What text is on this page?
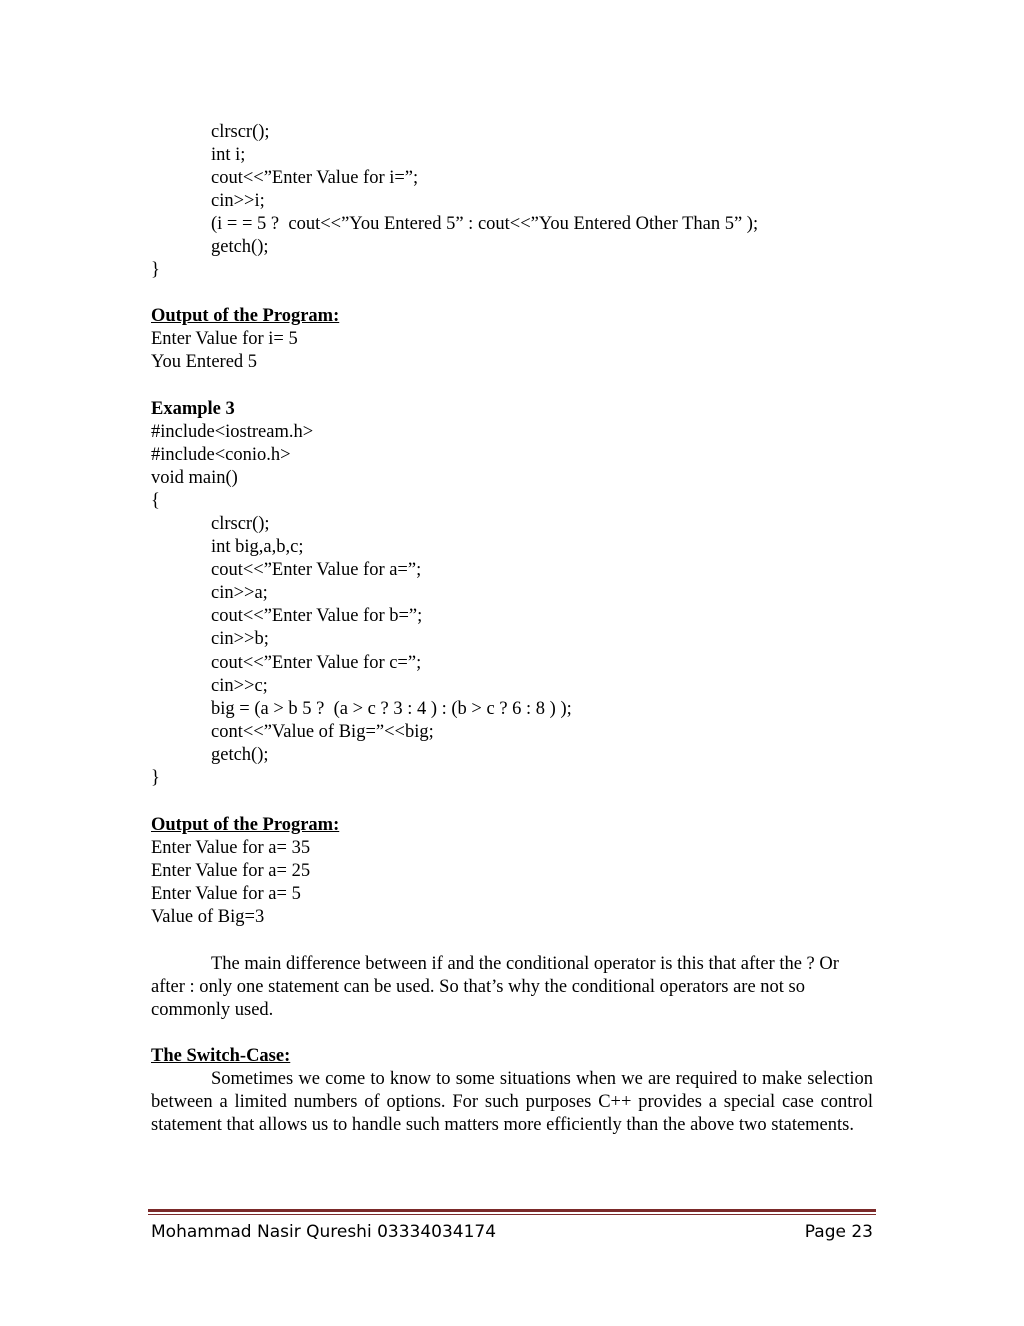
clrscr();
int i;
cout<<”Enter Value for i=”;
cin>>i;
(i = = 5 ?  cout<<”You Entered 5” : cout<<”You Entered Other Than 5” );
getch();
}
Output of the Program:
Enter Value for i= 5
You Entered 5
Example 3
#include<iostream.h>
#include<conio.h>
void main()
{
clrscr();
int big,a,b,c;
cout<<”Enter Value for a=”;
cin>>a;
cout<<”Enter Value for b=”;
cin>>b;
cout<<”Enter Value for c=”;
cin>>c;
big = (a > b 5 ?  (a > c ? 3 : 4 ) : (b > c ? 6 : 8 ) );
cont<<”Value of Big=”<<big;
getch();
}
Output of the Program:
Enter Value for a= 35
Enter Value for a= 25
Enter Value for a= 5
Value of Big=3

The main difference between if and the conditional operator is this that after the ? Or after : only one statement can be used. So that’s why the conditional operators are not so commonly used.

The Switch-Case:

Sometimes we come to know to some situations when we are required to make selection between a limited numbers of options. For such purposes C++ provides a special case control statement that allows us to handle such matters more efficiently than the above two statements.

Mohammad Nasir Qureshi 03334034174	Page 23
